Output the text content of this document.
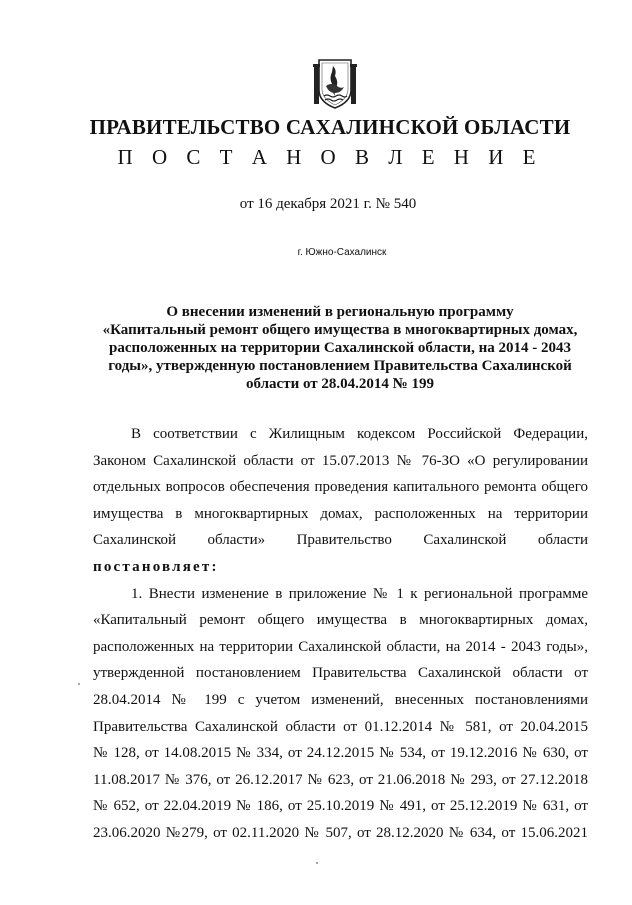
ПРАВИТЕЛЬСТВО САХАЛИНСКОЙ ОБЛАСТИ
П О С Т А Н О В Л Е Н И Е
от 16 декабря 2021 г. № 540
г. Южно-Сахалинск
О внесении изменений в региональную программу
«Капитальный ремонт общего имущества в многоквартирных домах,
расположенных на территории Сахалинской области, на 2014 - 2043
годы», утвержденную постановлением Правительства Сахалинской
области от 28.04.2014 № 199
В соответствии с Жилищным кодексом Российской Федерации,
Законом Сахалинской области от 15.07.2013 № 76-ЗО «О регулировании
отдельных вопросов обеспечения проведения капитального ремонта общего
имущества в многоквартирных домах, расположенных на территории
Сахалинской области» Правительство Сахалинской области
постановляет:
1. Внести изменение в приложение № 1 к региональной программе
«Капитальный ремонт общего имущества в многоквартирных домах,
расположенных на территории Сахалинской области, на 2014 - 2043 годы»,
утвержденной постановлением Правительства Сахалинской области от
28.04.2014 № 199 с учетом изменений, внесенных постановлениями
Правительства Сахалинской области от 01.12.2014 № 581, от 20.04.2015
№ 128, от 14.08.2015 № 334, от 24.12.2015 № 534, от 19.12.2016 № 630, от
11.08.2017 № 376, от 26.12.2017 № 623, от 21.06.2018 № 293, от 27.12.2018
№ 652, от 22.04.2019 № 186, от 25.10.2019 № 491, от 25.12.2019 № 631, от
23.06.2020 №279, от 02.11.2020 № 507, от 28.12.2020 № 634, от 15.06.2021
